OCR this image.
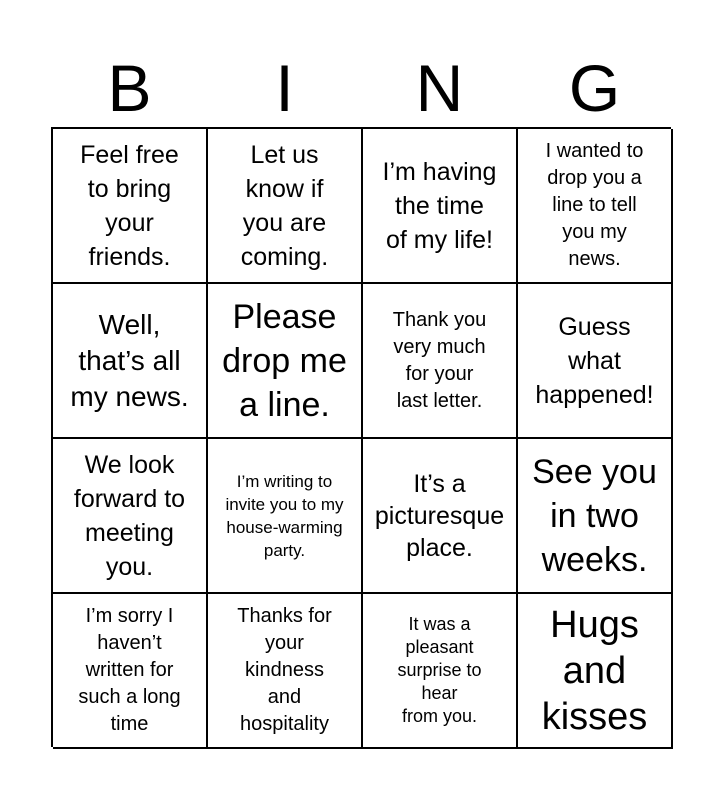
B	I	N	G
Feel free
to bring
your
friends.
Let us
know if
you are
coming.
I’m having
the time
of my life!
I wanted to
drop you a
line to tell
you my
news.
Well,
that’s all
my news.
Please
drop me
a line.
Thank you
very much
for your
last letter.
Guess
what
happened!
We look
forward to
meeting
you.
I’m writing to
invite you to my
house-warming
party.
It’s a
picturesque
place.
See you
in two
weeks.
I’m sorry I
haven’t
written for
such a long
time
Thanks for
your
kindness
and
hospitality
It was a
pleasant
surprise to
hear
from you.
Hugs
and
kisses
